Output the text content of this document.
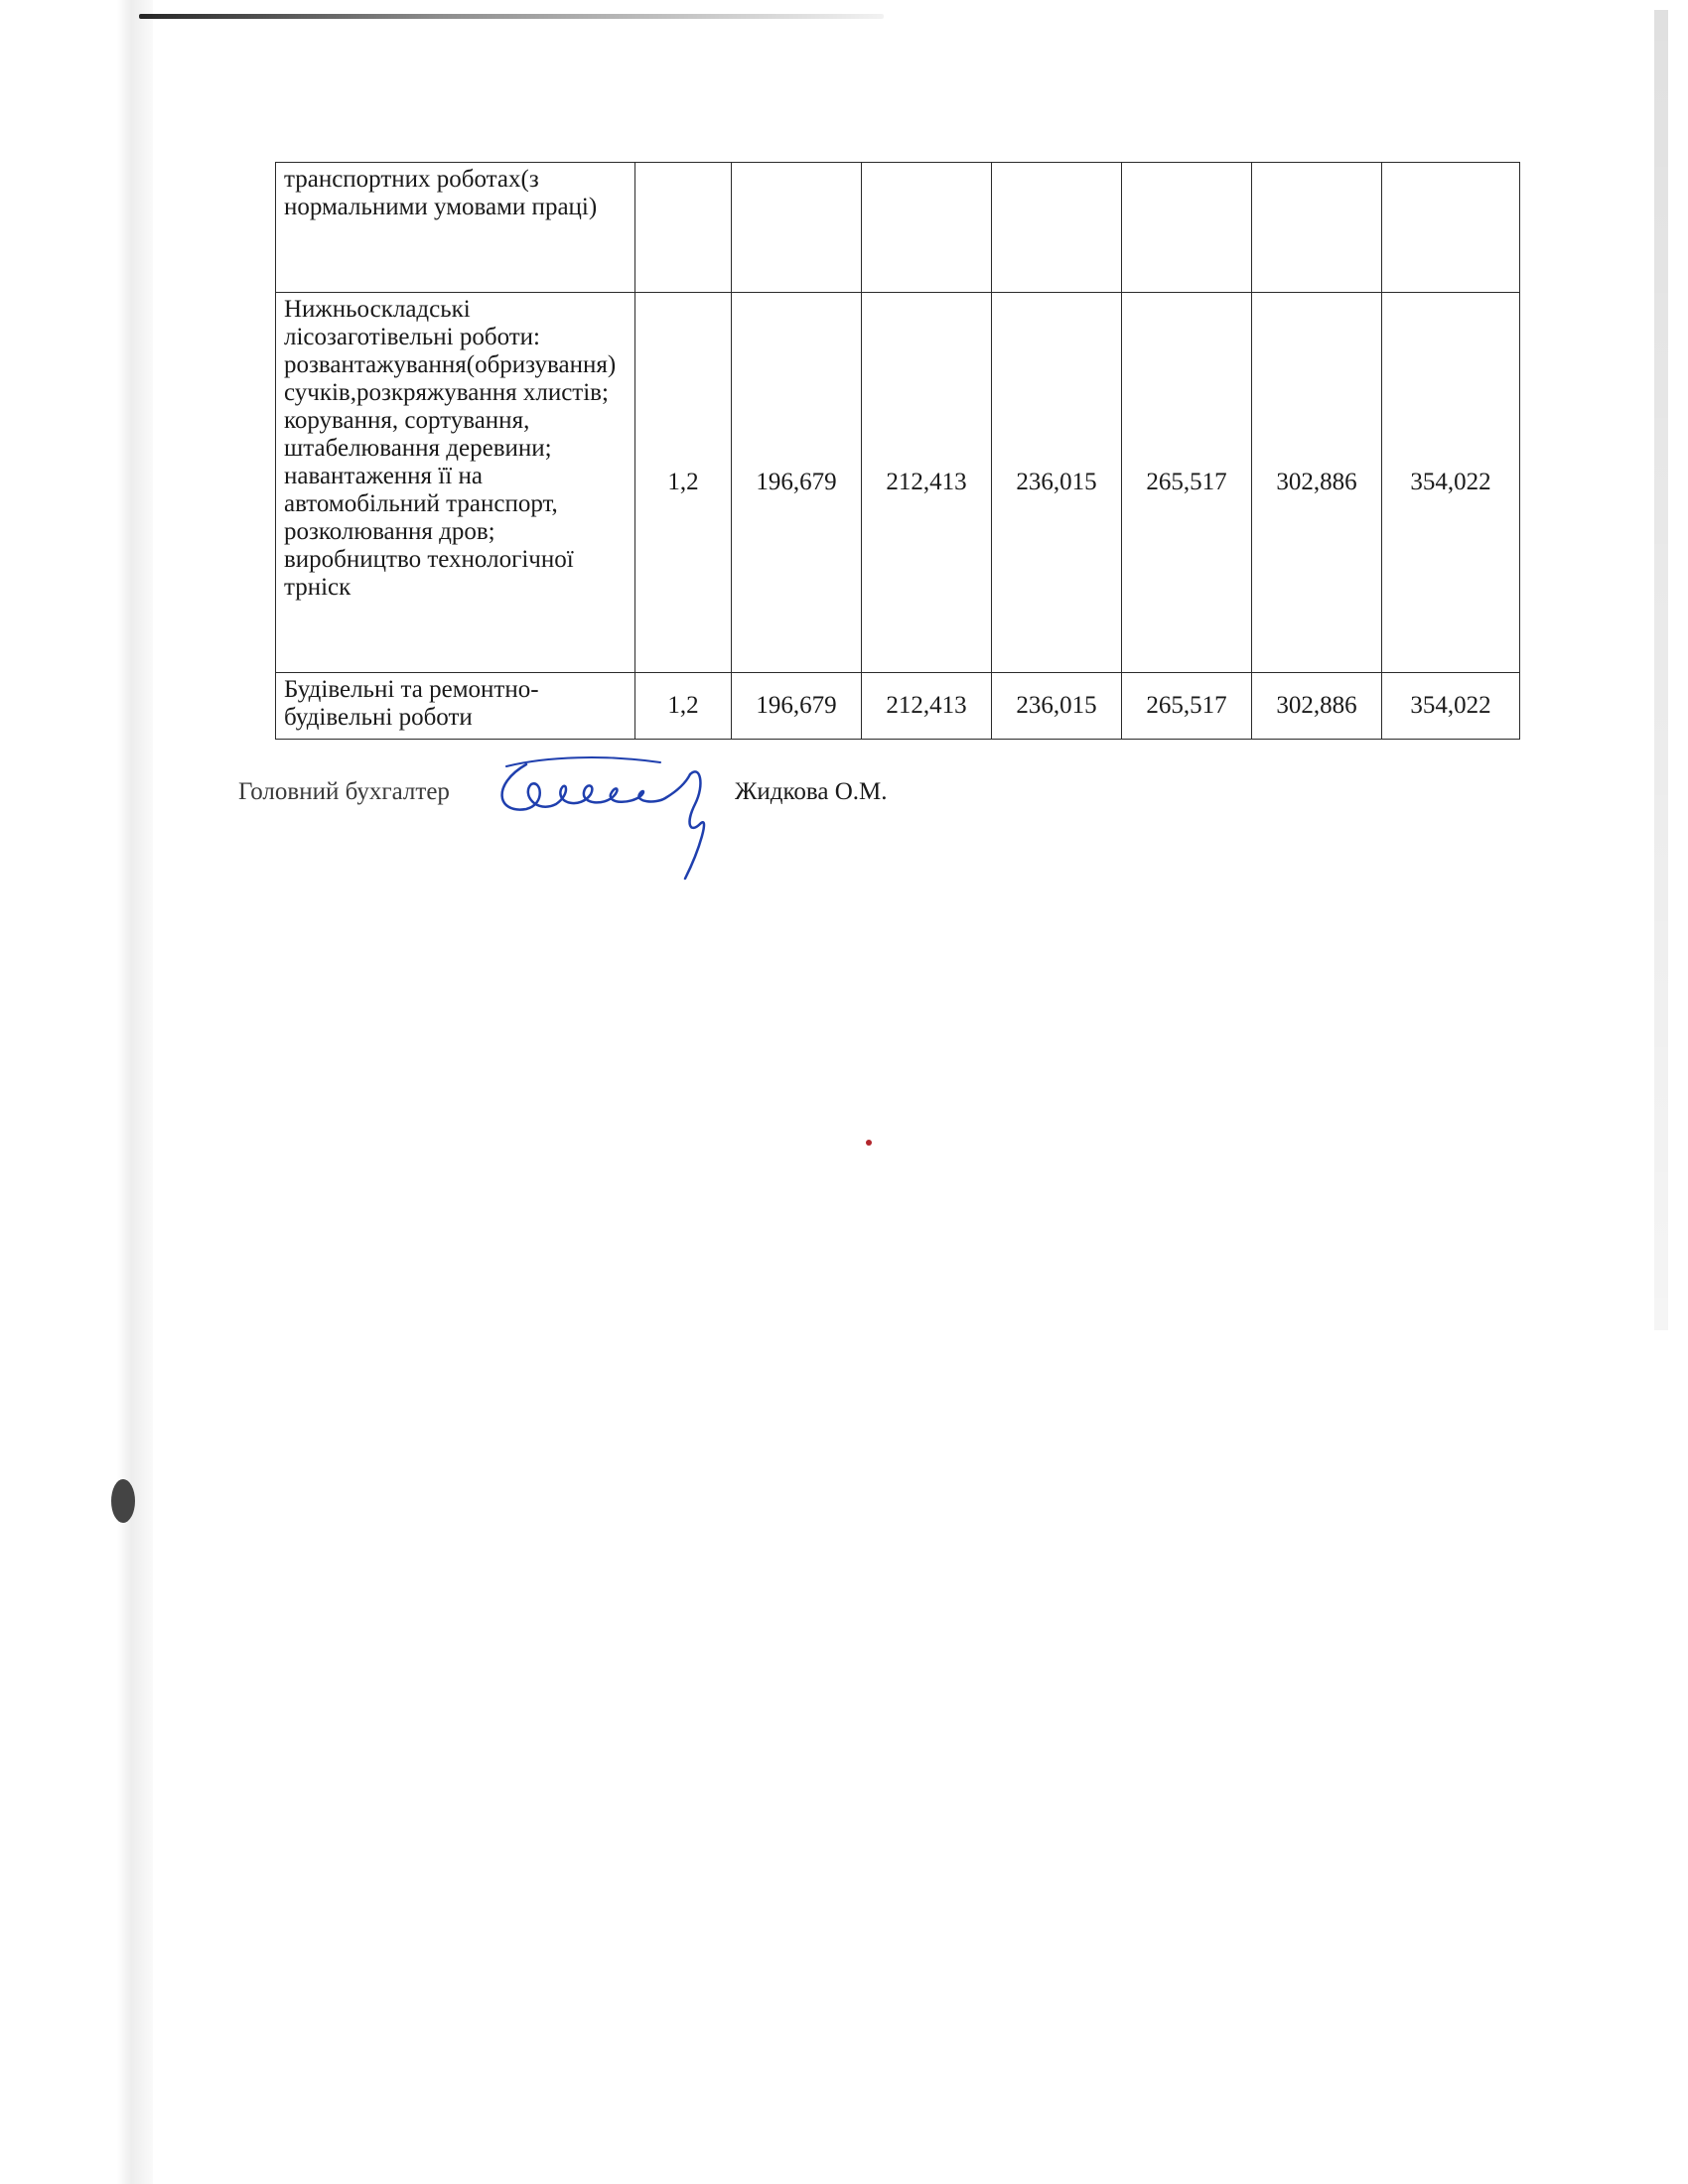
транспортних роботах(з нормальними умовами праці)							
Нижньоскладські лісозаготівельні роботи: розвантажування(обризування) сучків,розкряжування хлистів; корування, сортування, штабелювання деревини; навантаження її на автомобільний транспорт, розколювання дров; виробництво технологічної трніск	1,2	196,679	212,413	236,015	265,517	302,886	354,022
Будівельні та ремонтно-будівельні роботи	1,2	196,679	212,413	236,015	265,517	302,886	354,022
Головний бухгалтер	Жидкова О.М.
